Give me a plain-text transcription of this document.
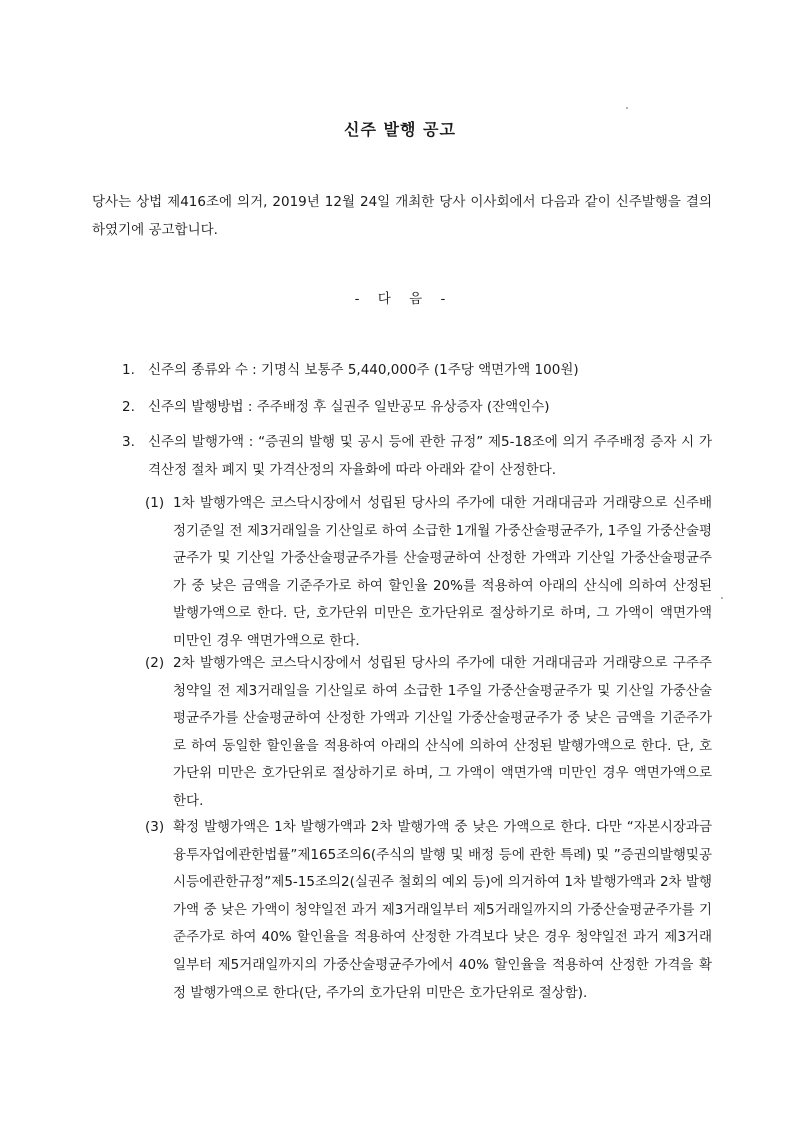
신주 발행 공고
당사는 상법 제416조에 의거, 2019년 12월 24일 개최한 당사 이사회에서 다음과 같이 신주발행을 결의하였기에 공고합니다.
- 다 음 -
1. 신주의 종류와 수 : 기명식 보통주 5,440,000주 (1주당 액면가액 100원)
2. 신주의 발행방법 : 주주배정 후 실권주 일반공모 유상증자 (잔액인수)
3. 신주의 발행가액 : “증권의 발행 및 공시 등에 관한 규정” 제5-18조에 의거 주주배정 증자 시 가격산정 절차 폐지 및 가격산정의 자율화에 따라 아래와 같이 산정한다.
(1) 1차 발행가액은 코스닥시장에서 성립된 당사의 주가에 대한 거래대금과 거래량으로 신주배정기준일 전 제3거래일을 기산일로 하여 소급한 1개월 가중산술평균주가, 1주일 가중산술평균주가 및 기산일 가중산술평균주가를 산술평균하여 산정한 가액과 기산일 가중산술평균주가 중 낮은 금액을 기준주가로 하여 할인율 20%를 적용하여 아래의 산식에 의하여 산정된 발행가액으로 한다. 단, 호가단위 미만은 호가단위로 절상하기로 하며, 그 가액이 액면가액 미만인 경우 액면가액으로 한다.
(2) 2차 발행가액은 코스닥시장에서 성립된 당사의 주가에 대한 거래대금과 거래량으로 구주주 청약일 전 제3거래일을 기산일로 하여 소급한 1주일 가중산술평균주가 및 기산일 가중산술평균주가를 산술평균하여 산정한 가액과 기산일 가중산술평균주가 중 낮은 금액을 기준주가로 하여 동일한 할인율을 적용하여 아래의 산식에 의하여 산정된 발행가액으로 한다. 단, 호가단위 미만은 호가단위로 절상하기로 하며, 그 가액이 액면가액 미만인 경우 액면가액으로 한다.
(3) 확정 발행가액은 1차 발행가액과 2차 발행가액 중 낮은 가액으로 한다. 다만 “자본시장과금융투자업에관한법률”제165조의6(주식의 발행 및 배정 등에 관한 특례) 및 ”증권의발행및공시등에관한규정”제5-15조의2(실권주 철회의 예외 등)에 의거하여 1차 발행가액과 2차 발행가액 중 낮은 가액이 청약일전 과거 제3거래일부터 제5거래일까지의 가중산술평균주가를 기준주가로 하여 40% 할인율을 적용하여 산정한 가격보다 낮은 경우 청약일전 과거 제3거래일부터 제5거래일까지의 가중산술평균주가에서 40% 할인율을 적용하여 산정한 가격을 확정 발행가액으로 한다(단, 주가의 호가단위 미만은 호가단위로 절상함).
